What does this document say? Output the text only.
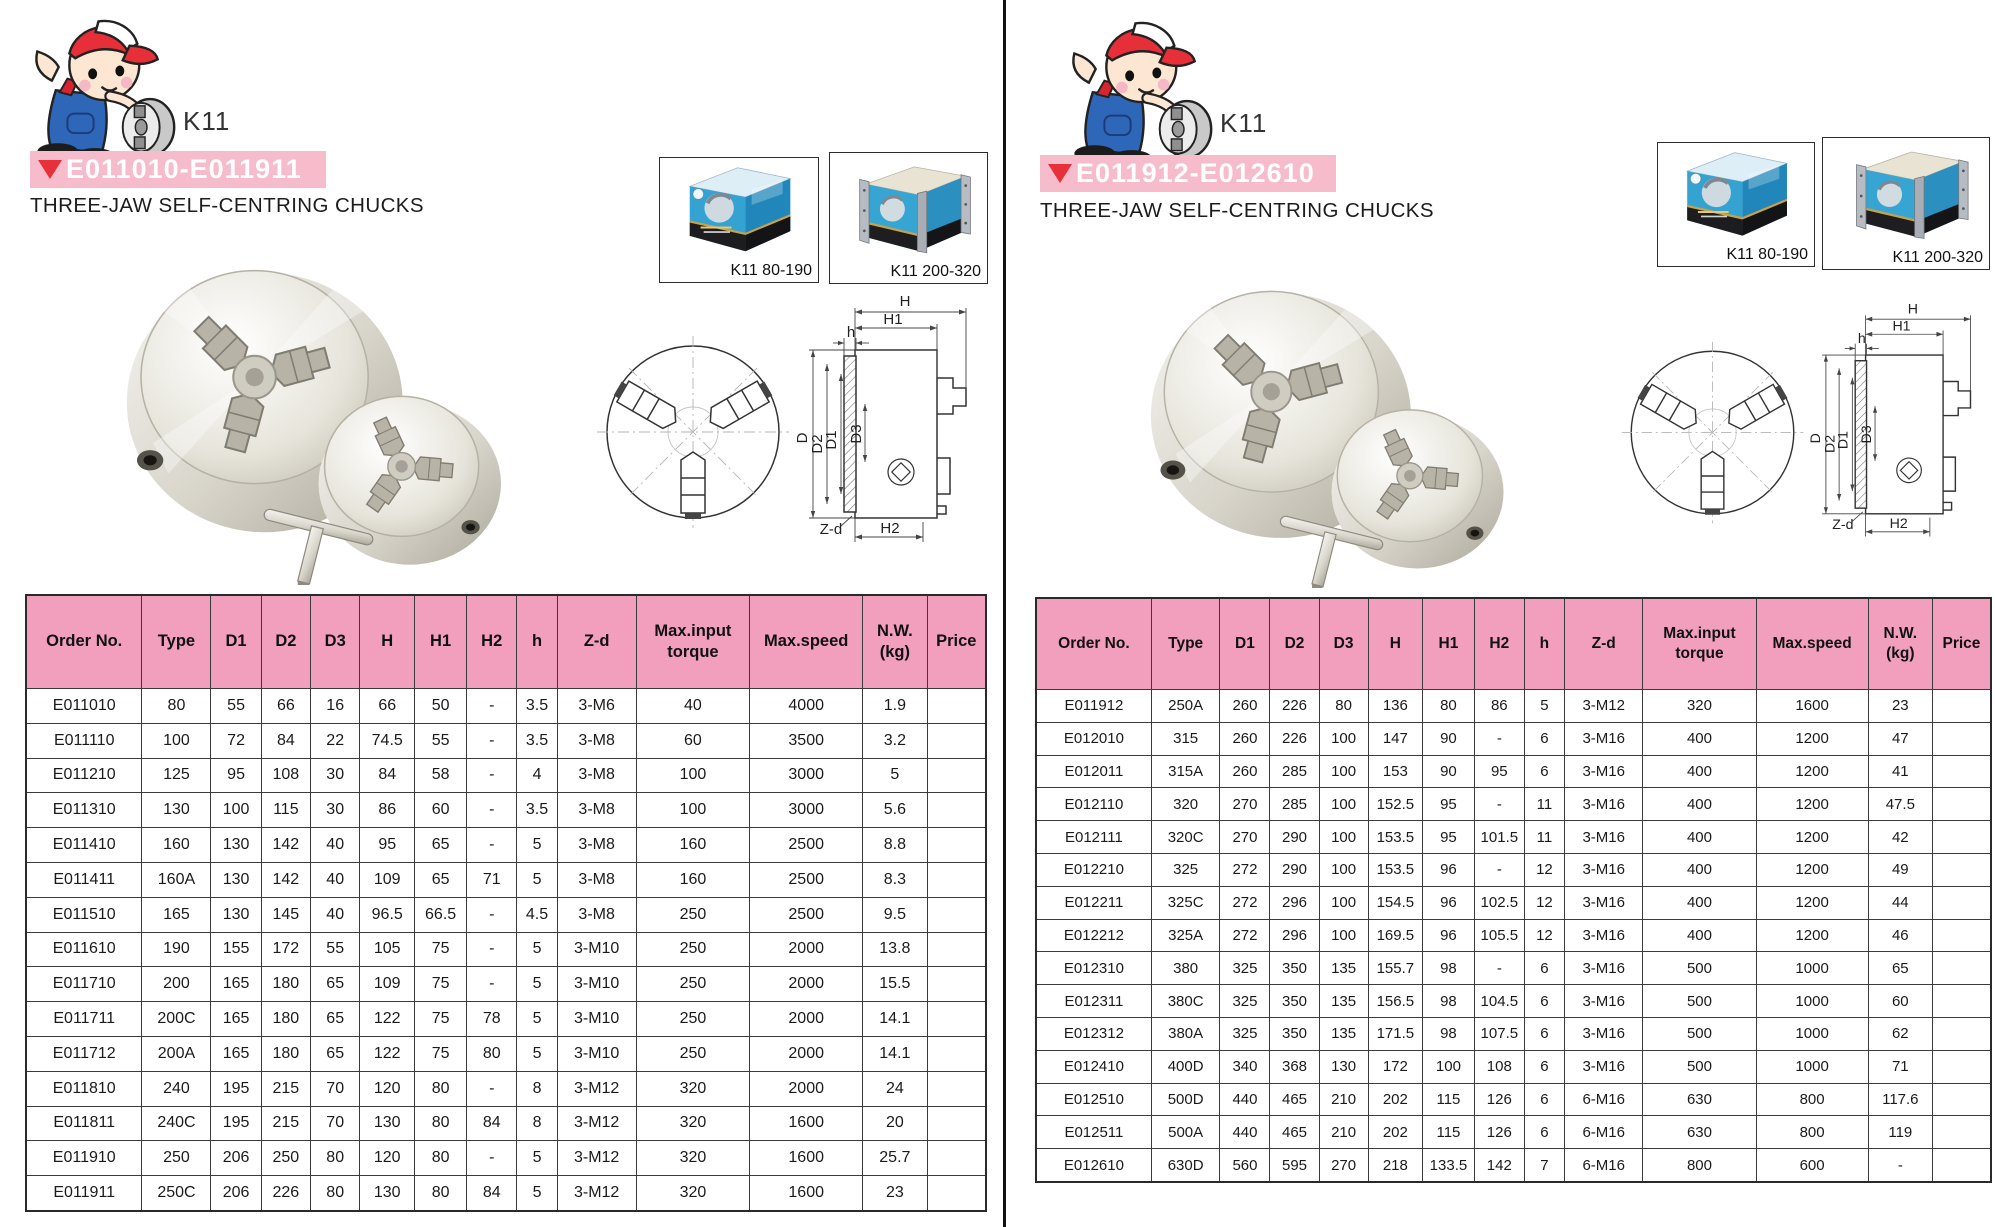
K11
E011010-E011911
THREE-JAW SELF-CENTRING CHUCKS
K11 80-190	K11 200-320
Order No.	Type	D1	D2	D3	H	H1	H2	h	Z-d	Max.input torque	Max.speed	N.W. (kg)	Price
E011010	80	55	66	16	66	50	-	3.5	3-M6	40	4000	1.9	
E011110	100	72	84	22	74.5	55	-	3.5	3-M8	60	3500	3.2	
E011210	125	95	108	30	84	58	-	4	3-M8	100	3000	5	
E011310	130	100	115	30	86	60	-	3.5	3-M8	100	3000	5.6	
E011410	160	130	142	40	95	65	-	5	3-M8	160	2500	8.8	
E011411	160A	130	142	40	109	65	71	5	3-M8	160	2500	8.3	
E011510	165	130	145	40	96.5	66.5	-	4.5	3-M8	250	2500	9.5	
E011610	190	155	172	55	105	75	-	5	3-M10	250	2000	13.8	
E011710	200	165	180	65	109	75	-	5	3-M10	250	2000	15.5	
E011711	200C	165	180	65	122	75	78	5	3-M10	250	2000	14.1	
E011712	200A	165	180	65	122	75	80	5	3-M10	250	2000	14.1	
E011810	240	195	215	70	120	80	-	8	3-M12	320	2000	24	
E011811	240C	195	215	70	130	80	84	8	3-M12	320	1600	20	
E011910	250	206	250	80	120	80	-	5	3-M12	320	1600	25.7	
E011911	250C	206	226	80	130	80	84	5	3-M12	320	1600	23	
K11
E011912-E012610
THREE-JAW SELF-CENTRING CHUCKS
K11 80-190	K11 200-320
Order No.	Type	D1	D2	D3	H	H1	H2	h	Z-d	Max.input torque	Max.speed	N.W. (kg)	Price
E011912	250A	260	226	80	136	80	86	5	3-M12	320	1600	23	
E012010	315	260	226	100	147	90	-	6	3-M16	400	1200	47	
E012011	315A	260	285	100	153	90	95	6	3-M16	400	1200	41	
E012110	320	270	285	100	152.5	95	-	11	3-M16	400	1200	47.5	
E012111	320C	270	290	100	153.5	95	101.5	11	3-M16	400	1200	42	
E012210	325	272	290	100	153.5	96	-	12	3-M16	400	1200	49	
E012211	325C	272	296	100	154.5	96	102.5	12	3-M16	400	1200	44	
E012212	325A	272	296	100	169.5	96	105.5	12	3-M16	400	1200	46	
E012310	380	325	350	135	155.7	98	-	6	3-M16	500	1000	65	
E012311	380C	325	350	135	156.5	98	104.5	6	3-M16	500	1000	60	
E012312	380A	325	350	135	171.5	98	107.5	6	3-M16	500	1000	62	
E012410	400D	340	368	130	172	100	108	6	3-M16	500	1000	71	
E012510	500D	440	465	210	202	115	126	6	6-M16	630	800	117.6	
E012511	500A	440	465	210	202	115	126	6	6-M16	630	800	119	
E012610	630D	560	595	270	218	133.5	142	7	6-M16	800	600	-	
